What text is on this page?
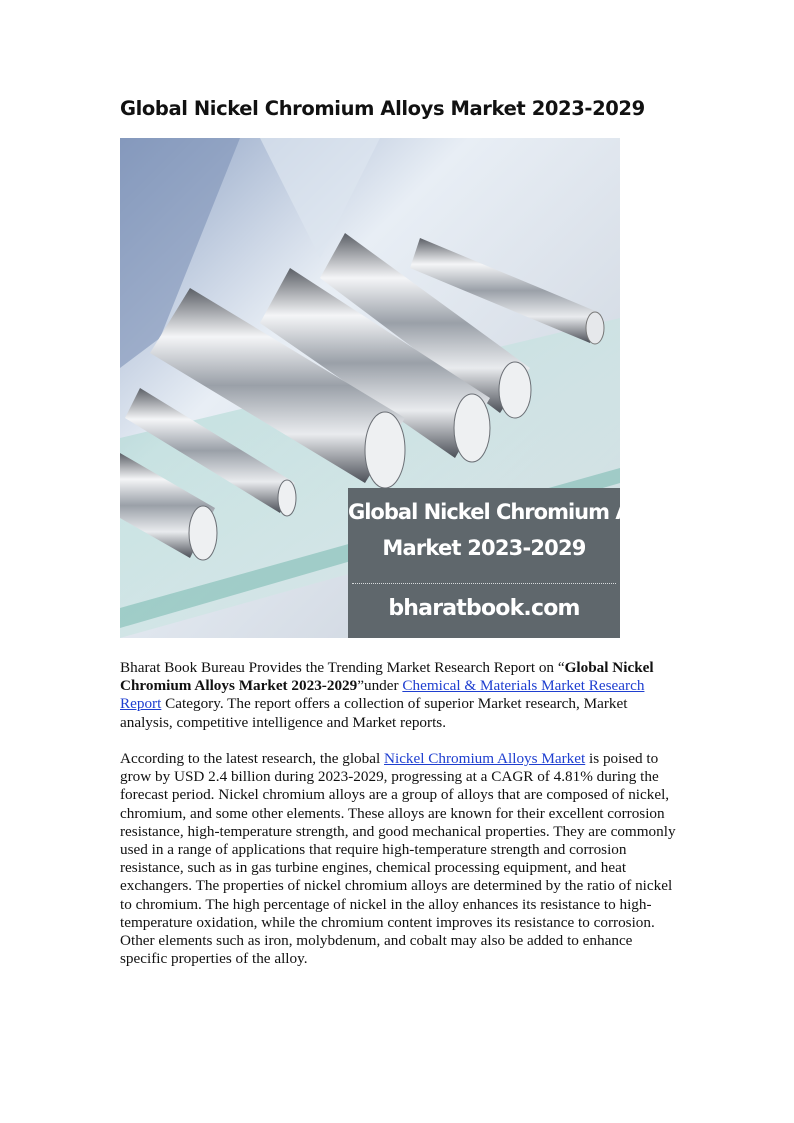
Global Nickel Chromium Alloys Market 2023-2029
Global Nickel Chromium Alloys
Market 2023-2029
bharatbook.com

Bharat Book Bureau Provides the Trending Market Research Report on “Global Nickel Chromium Alloys Market 2023-2029”under Chemical & Materials Market Research Report Category. The report offers a collection of superior Market research, Market analysis, competitive intelligence and Market reports.

According to the latest research, the global Nickel Chromium Alloys Market is poised to grow by USD 2.4 billion during 2023-2029, progressing at a CAGR of 4.81% during the forecast period. Nickel chromium alloys are a group of alloys that are composed of nickel, chromium, and some other elements. These alloys are known for their excellent corrosion resistance, high-temperature strength, and good mechanical properties. They are commonly used in a range of applications that require high-temperature strength and corrosion resistance, such as in gas turbine engines, chemical processing equipment, and heat exchangers. The properties of nickel chromium alloys are determined by the ratio of nickel to chromium. The high percentage of nickel in the alloy enhances its resistance to high-temperature oxidation, while the chromium content improves its resistance to corrosion. Other elements such as iron, molybdenum, and cobalt may also be added to enhance specific properties of the alloy.
